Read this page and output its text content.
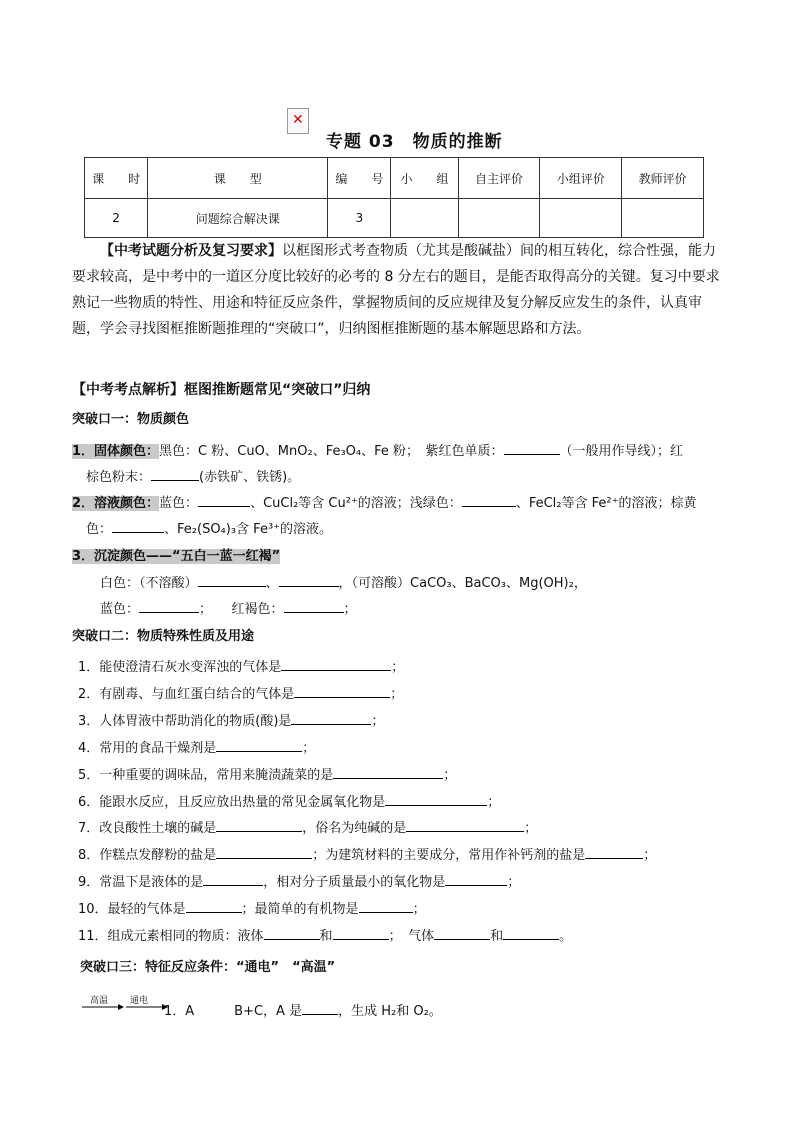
✕
专题 03　物质的推断
课　　时	课　　型	编　　号	小　　组	自主评价	小组评价	教师评价
2	问题综合解决课	3				
【中考试题分析及复习要求】以框图形式考查物质（尤其是酸碱盐）间的相互转化，综合性强，能力要求较高，是中考中的一道区分度比较好的必考的 8 分左右的题目，是能否取得高分的关键。复习中要求熟记一些物质的特性、用途和特征反应条件，掌握物质间的反应规律及复分解反应发生的条件，认真审题，学会寻找图框推断题推理的“突破口”，归纳图框推断题的基本解题思路和方法。
【中考考点解析】框图推断题常见“突破口”归纳
突破口一：物质颜色
1．固体颜色：黑色：C 粉、CuO、MnO₂、Fe₃O₄、Fe 粉；　紫红色单质：	（一般用作导线）；红
棕色粉末：	(赤铁矿、铁锈)。
2．溶液颜色：蓝色：	、CuCl₂等含 Cu²⁺的溶液；浅绿色：	、FeCl₂等含 Fe²⁺的溶液；棕黄
色：	、Fe₂(SO₄)₃含 Fe³⁺的溶液。
3．沉淀颜色——“五白一蓝一红褐”
白色：（不溶酸）	、	，（可溶酸）CaCO₃、BaCO₃、Mg(OH)₂，
蓝色：	；　　红褐色：	；
突破口二：物质特殊性质及用途
1．能使澄清石灰水变浑浊的气体是	；
2．有剧毒、与血红蛋白结合的气体是	；
3．人体胃液中帮助消化的物质(酸)是	；
4．常用的食品干燥剂是	；
5．一种重要的调味品，常用来腌渍蔬菜的是	；
6．能跟水反应，且反应放出热量的常见金属氧化物是	；
7．改良酸性土壤的碱是	，俗名为纯碱的是	；
8．作糕点发酵粉的盐是	；为建筑材料的主要成分，常用作补钙剂的盐是	；
9．常温下是液体的是	，相对分子质量最小的氧化物是	；
10．最轻的气体是	；最简单的有机物是	；
11．组成元素相同的物质：液体	和	；　气体	和	。
突破口三：特征反应条件：“通电”　“高温”
高温 通电
1．A	B+C，A 是	，生成 H₂和 O₂。
